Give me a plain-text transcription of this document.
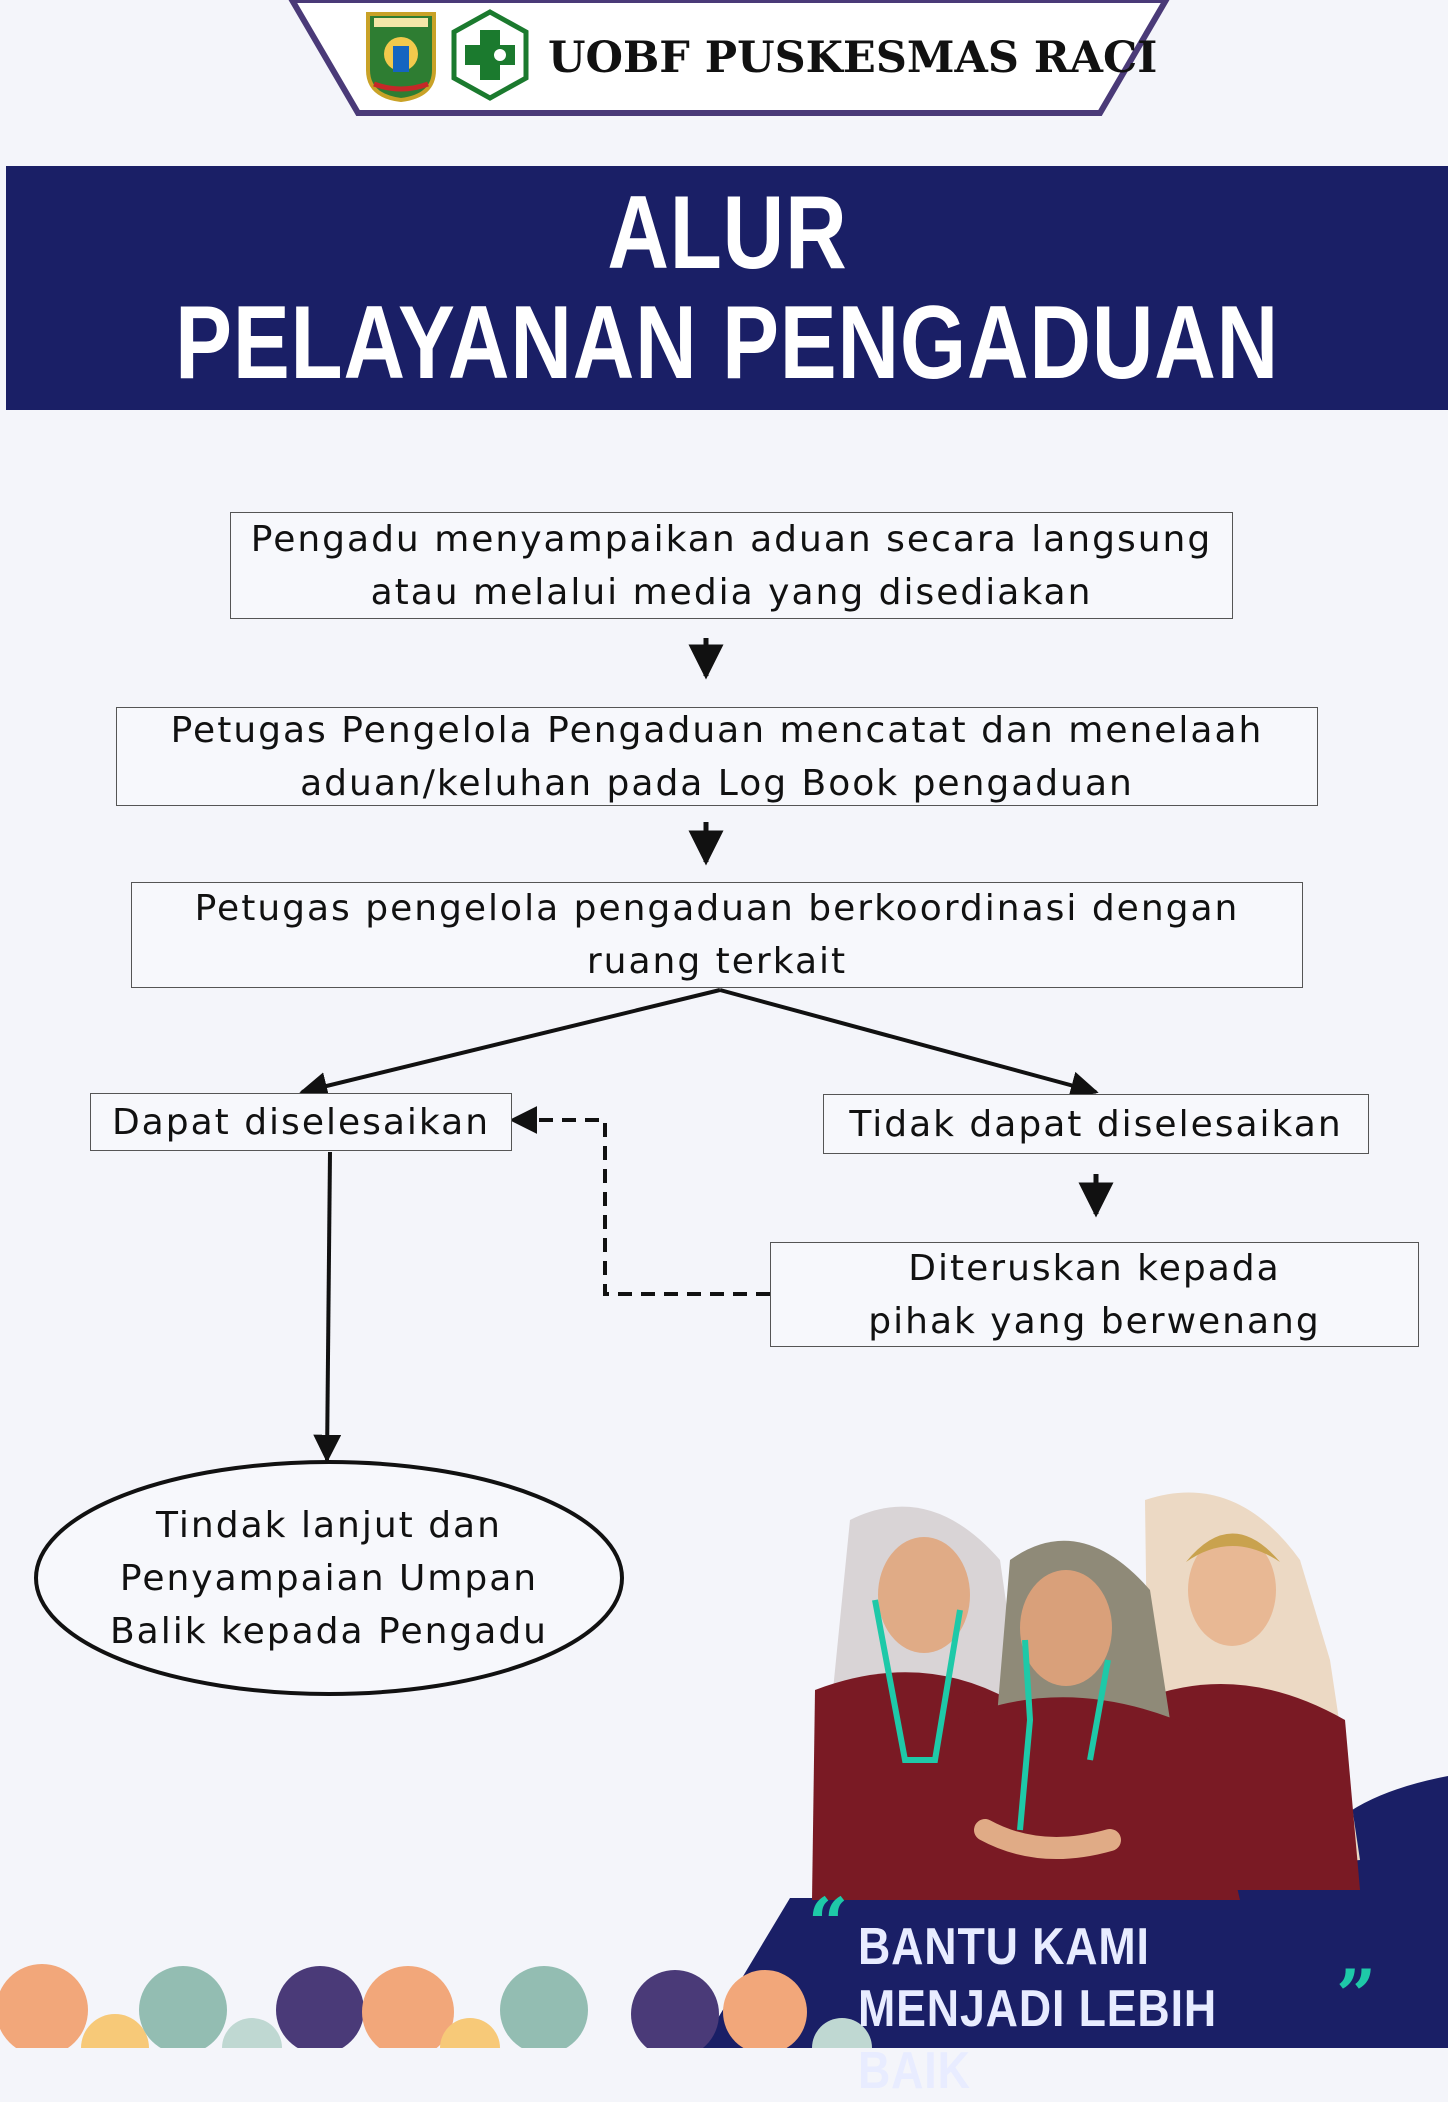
“
”
UOBF PUSKESMAS RACI
ALUR
PELAYANAN PENGADUAN
Pengadu menyampaikan aduan secara langsung atau melalui media yang disediakan
Petugas Pengelola Pengaduan mencatat dan menelaah aduan/keluhan pada Log Book pengaduan
Petugas pengelola pengaduan berkoordinasi dengan ruang terkait
Dapat diselesaikan	Tidak dapat diselesaikan
Diteruskan kepada pihak yang berwenang
Tindak lanjut dan Penyampaian Umpan Balik kepada Pengadu
BANTU KAMI
MENJADI LEBIH BAIK
